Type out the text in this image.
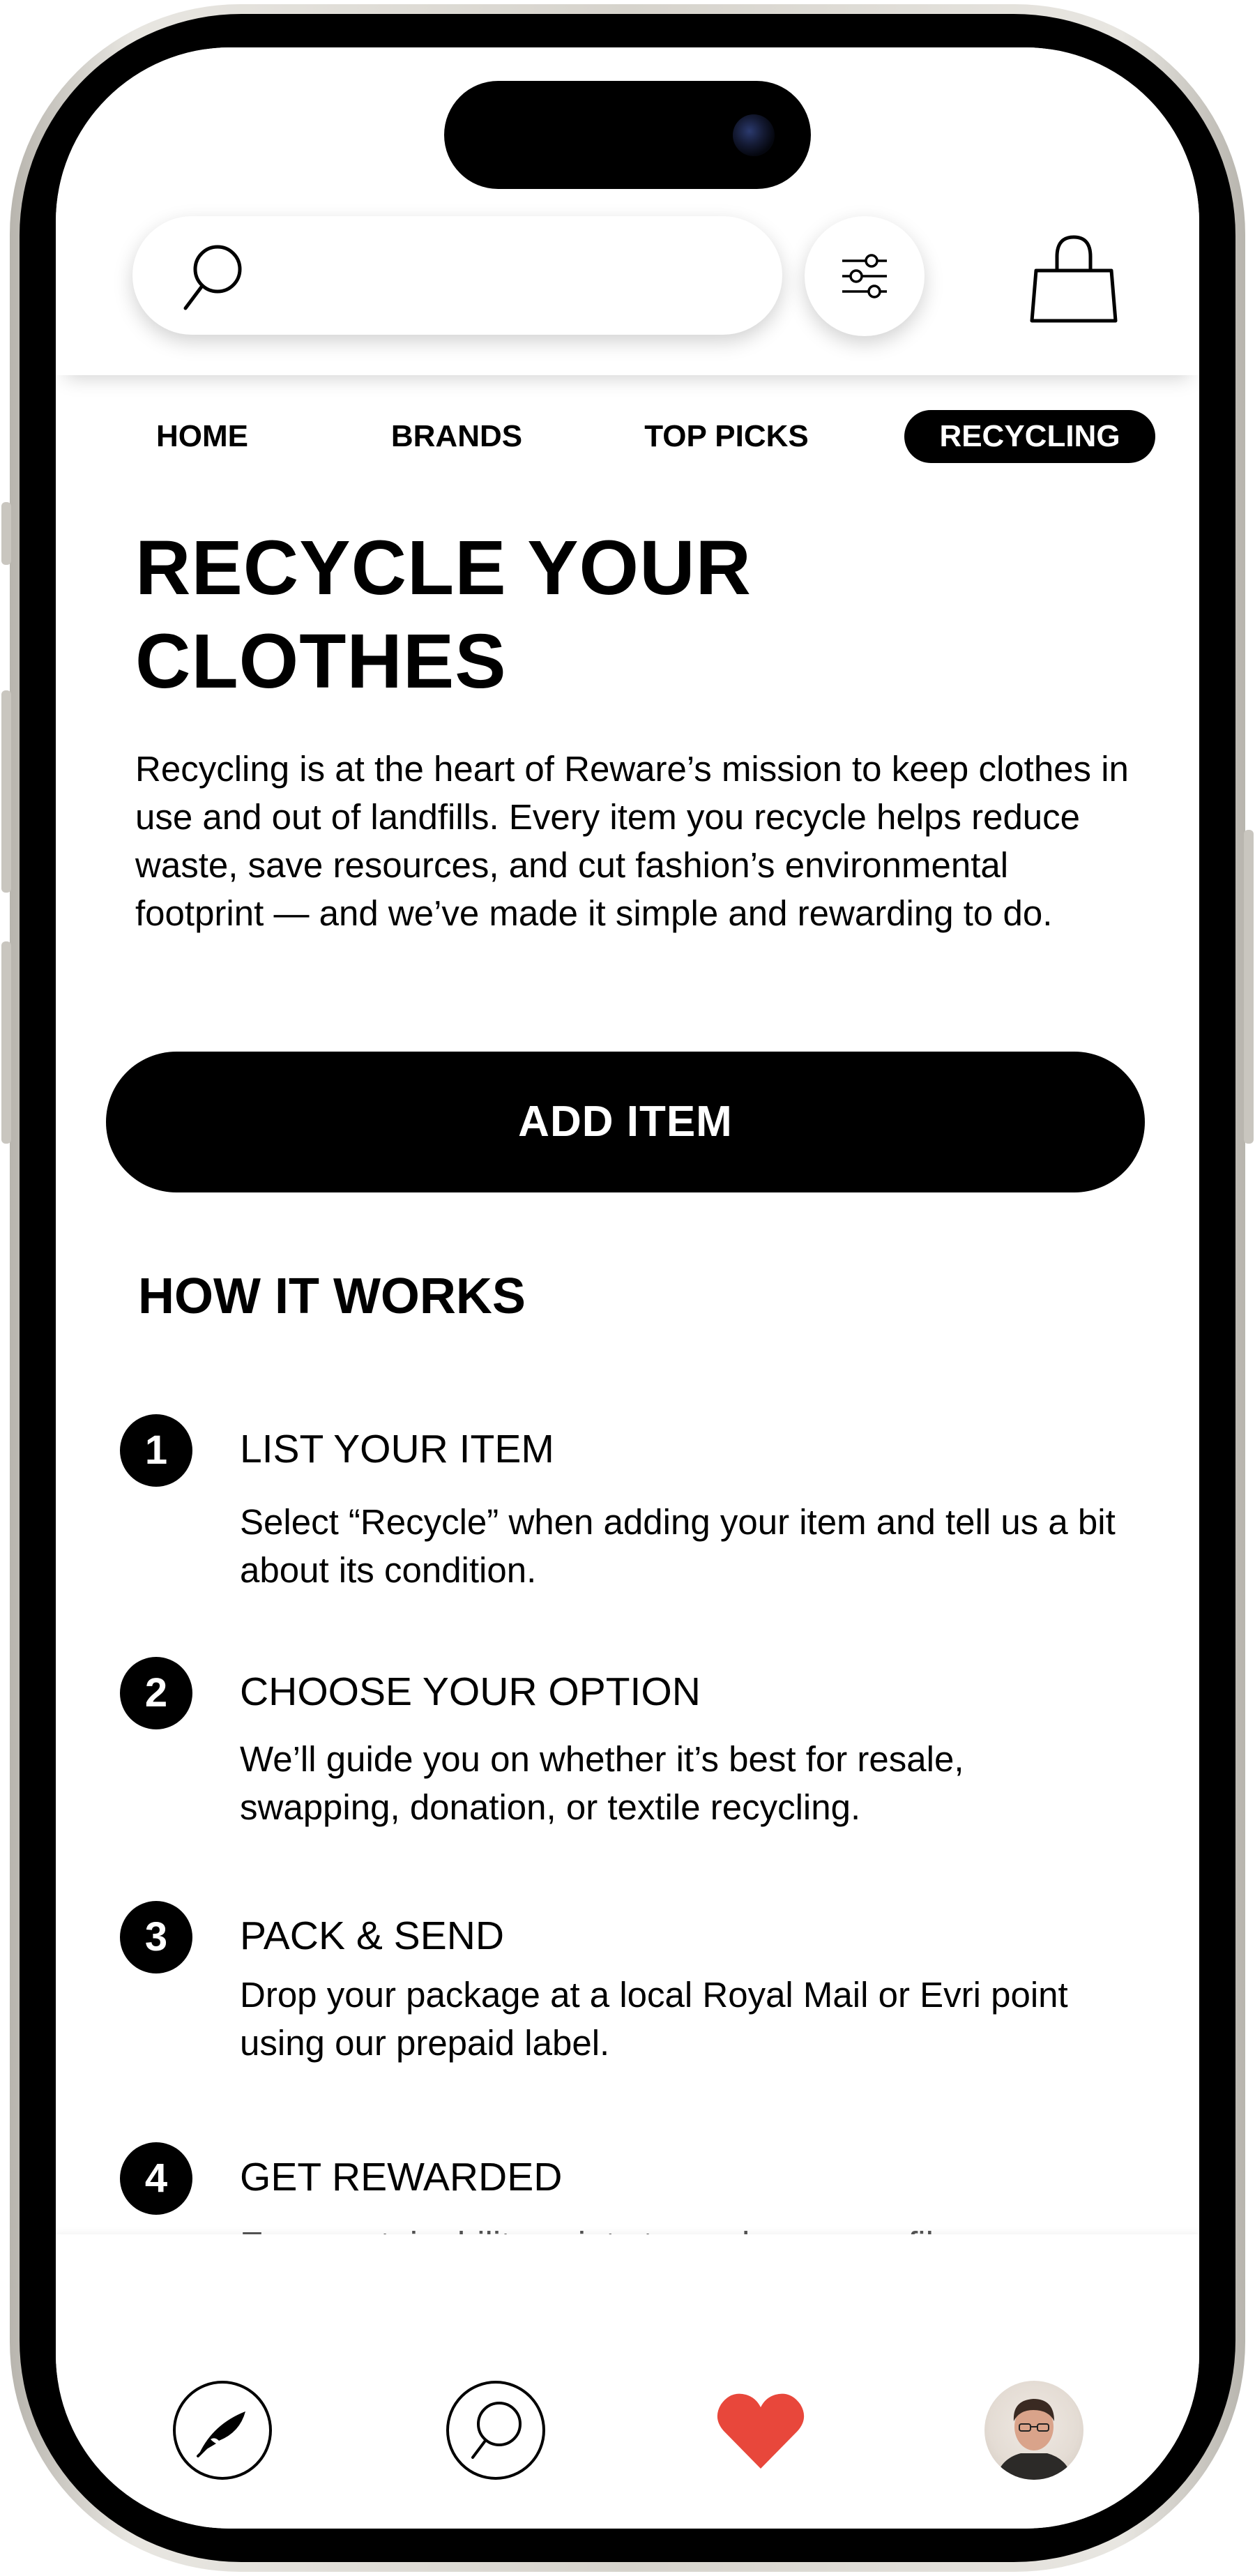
HOME	BRANDS	TOP PICKS	RECYCLING
RECYCLE YOUR
CLOTHES
Recycling is at the heart of Reware’s mission to keep clothes in use and out of landfills. Every item you recycle helps reduce waste, save resources, and cut fashion’s environmental footprint — and we’ve made it simple and rewarding to do.
ADD ITEM
HOW IT WORKS
1	LIST YOUR ITEM
Select “Recycle” when adding your item and tell us a bit about its condition.
2	CHOOSE YOUR OPTION
We’ll guide you on whether it’s best for resale, swapping, donation, or textile recycling.
3	PACK & SEND
Drop your package at a local Royal Mail or Evri point using our prepaid label.
4	GET REWARDED
